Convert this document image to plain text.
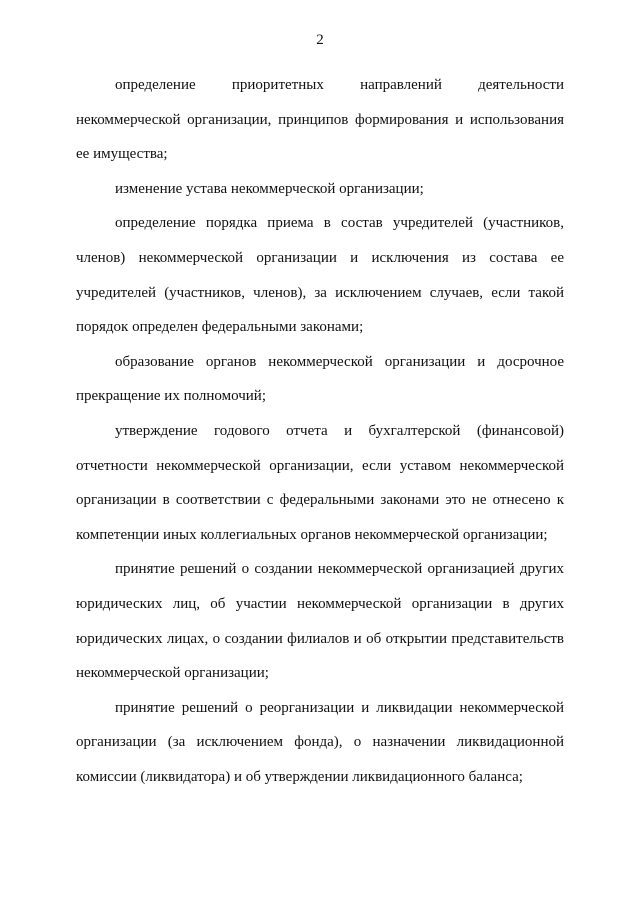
2

определение приоритетных направлений деятельности некоммерческой организации, принципов формирования и использования ее имущества;

изменение устава некоммерческой организации;

определение порядка приема в состав учредителей (участников, членов) некоммерческой организации и исключения из состава ее учредителей (участников, членов), за исключением случаев, если такой порядок определен федеральными законами;

образование органов некоммерческой организации и досрочное прекращение их полномочий;

утверждение годового отчета и бухгалтерской (финансовой) отчетности некоммерческой организации, если уставом некоммерческой организации в соответствии с федеральными законами это не отнесено к компетенции иных коллегиальных органов некоммерческой организации;

принятие решений о создании некоммерческой организацией других юридических лиц, об участии некоммерческой организации в других юридических лицах, о создании филиалов и об открытии представительств некоммерческой организации;

принятие решений о реорганизации и ликвидации некоммерческой организации (за исключением фонда), о назначении ликвидационной комиссии (ликвидатора) и об утверждении ликвидационного баланса;
